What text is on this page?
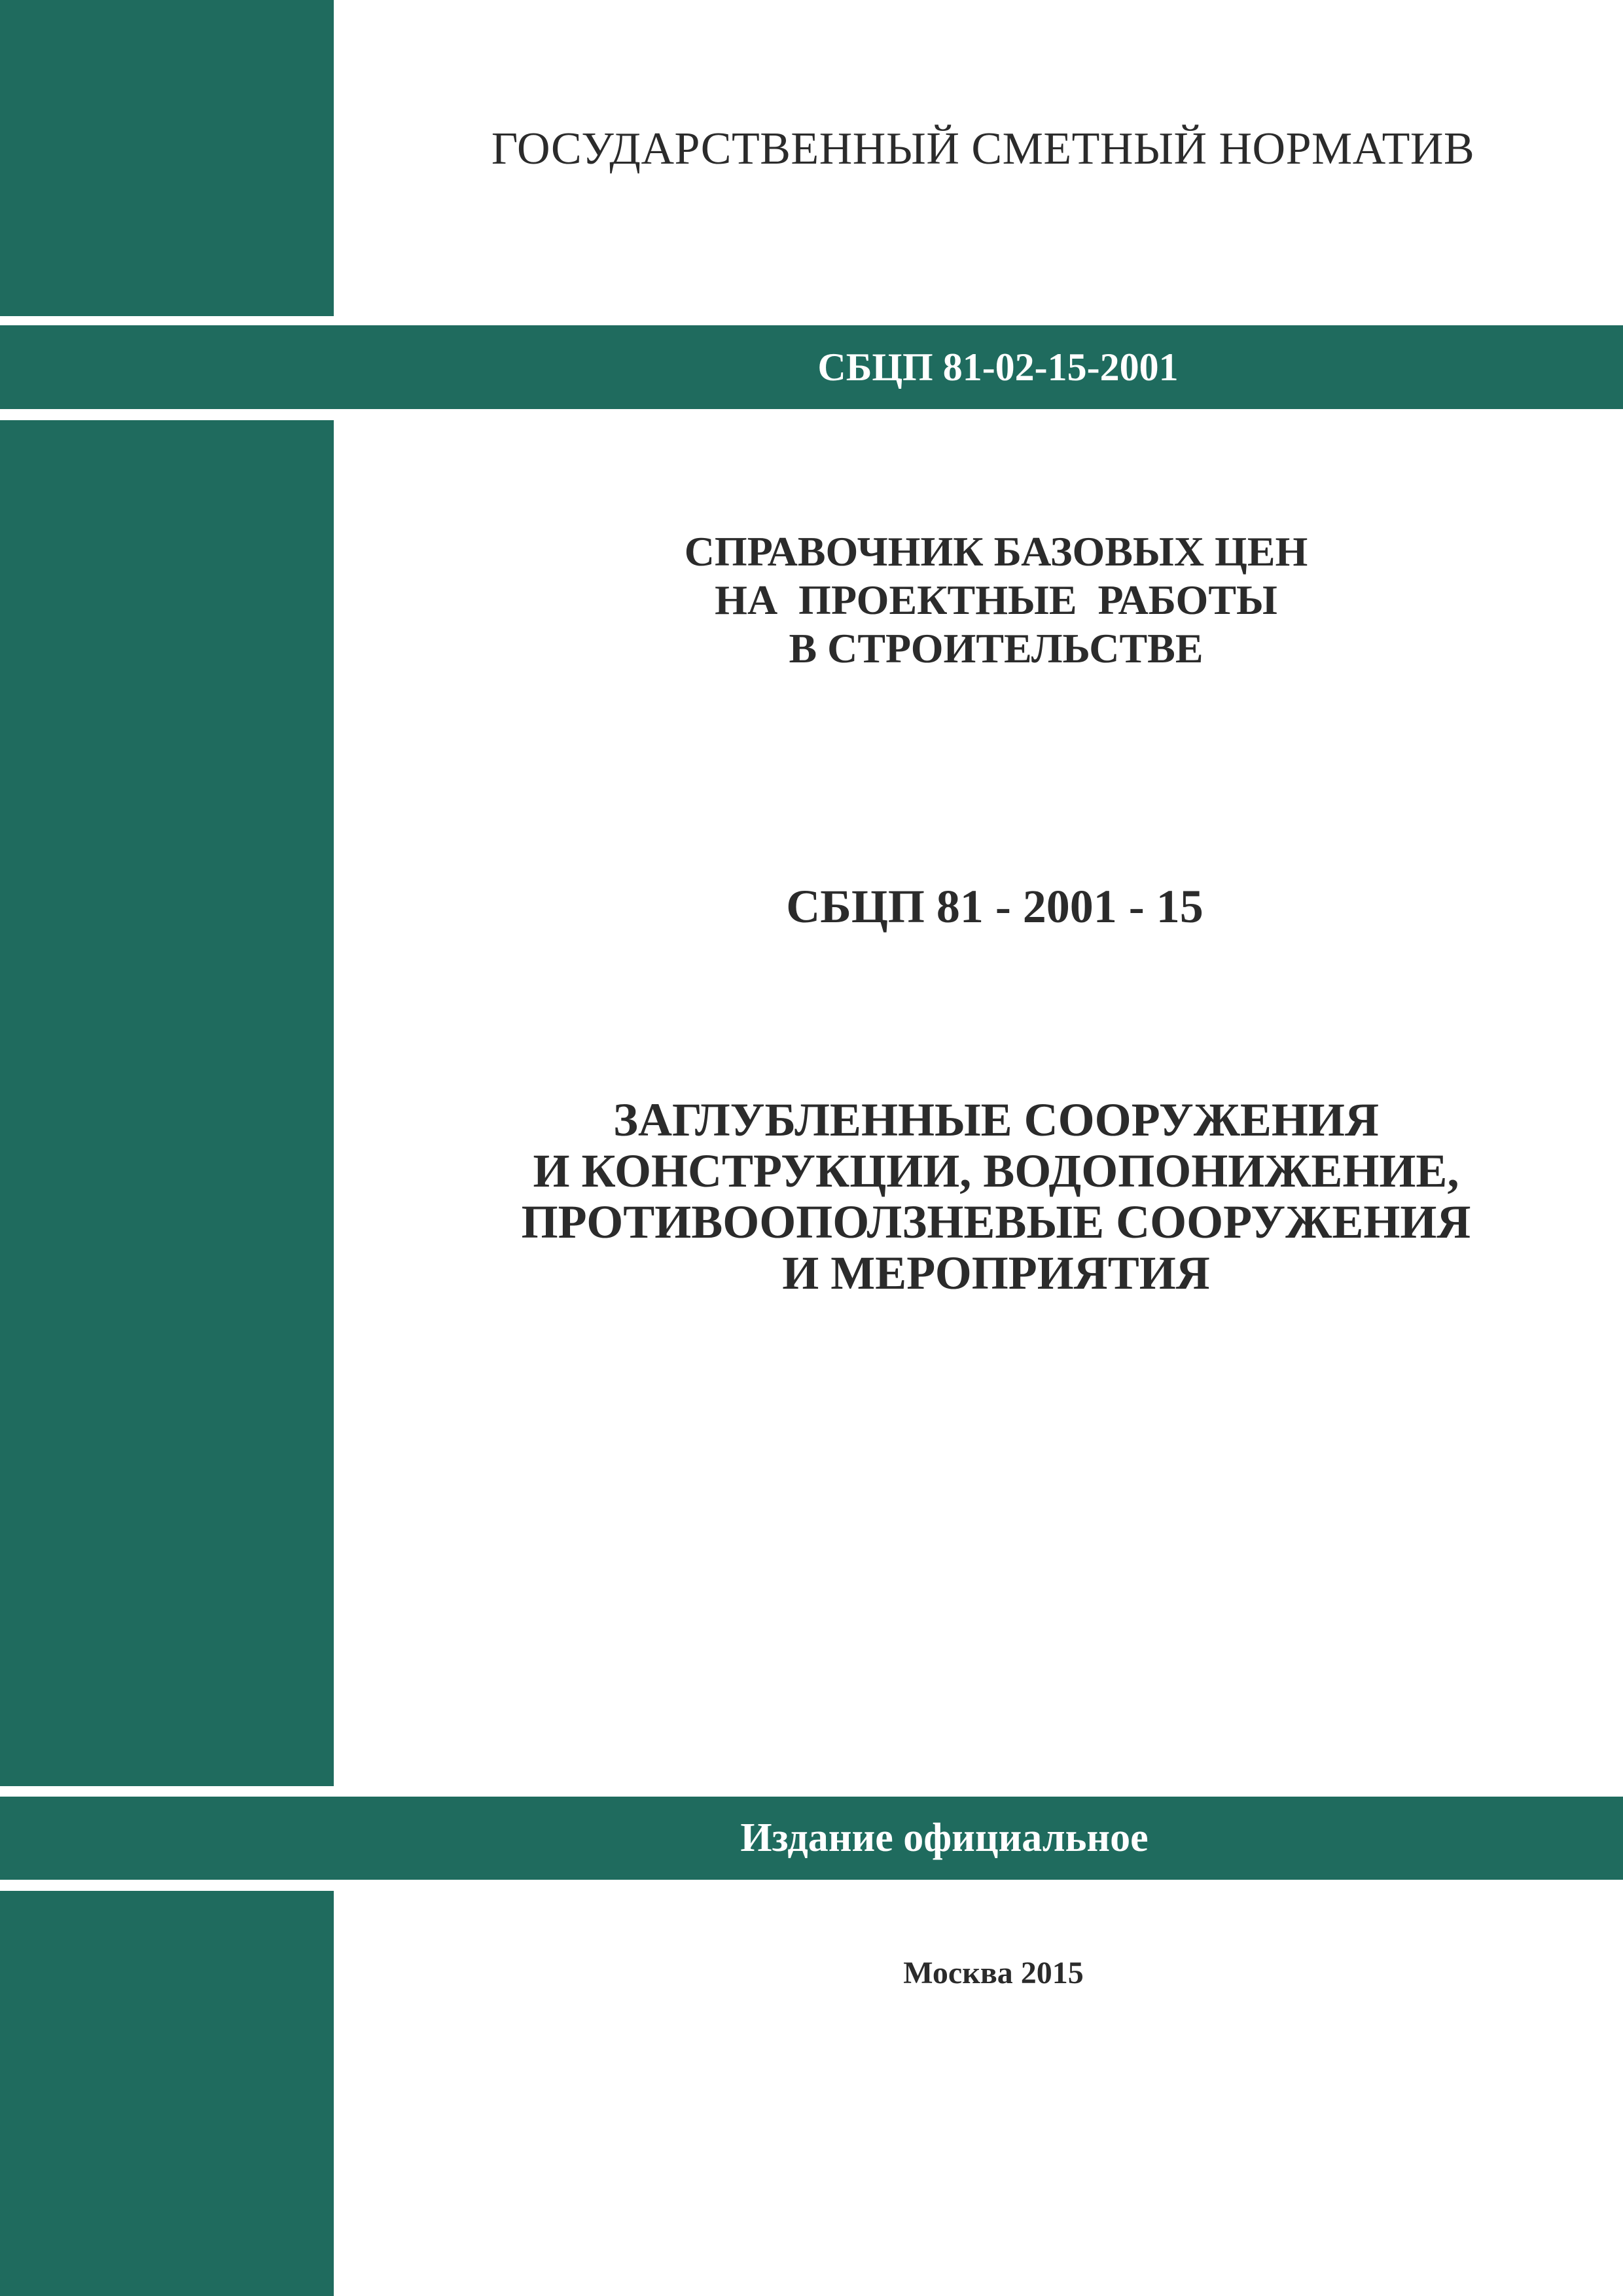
СБЦП 81-02-15-2001
Издание официальное
ГОСУДАРСТВЕННЫЙ СМЕТНЫЙ НОРМАТИВ
СПРАВОЧНИК БАЗОВЫХ ЦЕН
НА  ПРОЕКТНЫЕ  РАБОТЫ
В СТРОИТЕЛЬСТВЕ
СБЦП 81 - 2001 - 15
ЗАГЛУБЛЕННЫЕ СООРУЖЕНИЯ
И КОНСТРУКЦИИ, ВОДОПОНИЖЕНИЕ,
ПРОТИВООПОЛЗНЕВЫЕ СООРУЖЕНИЯ
И МЕРОПРИЯТИЯ
Москва 2015
